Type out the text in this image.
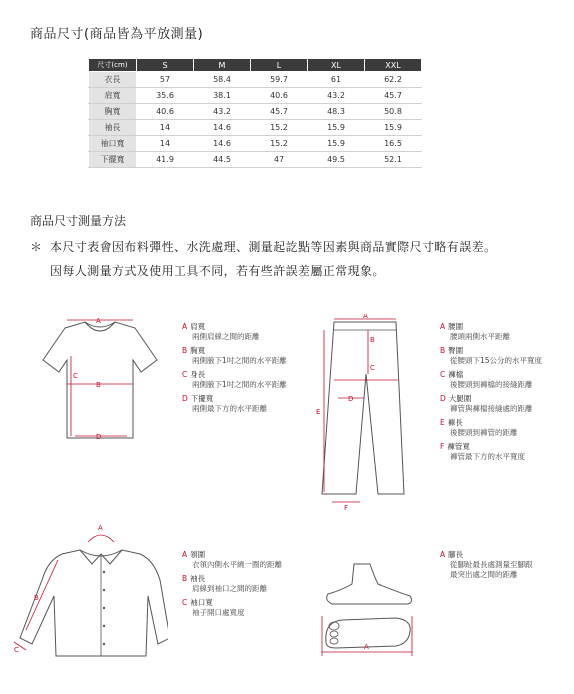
商品尺寸(商品皆為平放測量)
尺寸(cm)	S	M	L	XL	XXL
衣長	57	58.4	59.7	61	62.2
肩寬	35.6	38.1	40.6	43.2	45.7
胸寬	40.6	43.2	45.7	48.3	50.8
袖長	14	14.6	15.2	15.9	15.9
袖口寬	14	14.6	15.2	15.9	16.5
下擺寬	41.9	44.5	47	49.5	52.1
商品尺寸測量方法
＊ 本尺寸表會因布料彈性、水洗處理、測量起訖點等因素與商品實際尺寸略有誤差。
因每人測量方式及使用工具不同，若有些許誤差屬正常現象。
A
B
C
D
A 肩寬
兩側肩線之間的距離
B 胸寬
兩側腋下1吋之間的水平距離
C 身長
兩側腋下1吋之間的水平距離
D 下擺寬
兩側最下方的水平距離
A
B
C
D
E
F
A 腰圍
腰頭兩側水平距離
B 臀圍
從腰頭下15公分的水平寬度
C 褲檔
後腰頭到褲檔的接縫距離
D 大腿圍
褲管與褲檔接縫處的距離
E 褲長
後腰頭到褲管的距離
F 褲管寬
褲管最下方的水平寬度
A
B
C
A 領圍
衣領內側水平繞一圈的距離
B 袖長
肩線到袖口之間的距離
C 袖口寬
袖子開口處寬度
A
A 腳長
從腳趾最長處測量至腳跟
最突出處之間的距離
